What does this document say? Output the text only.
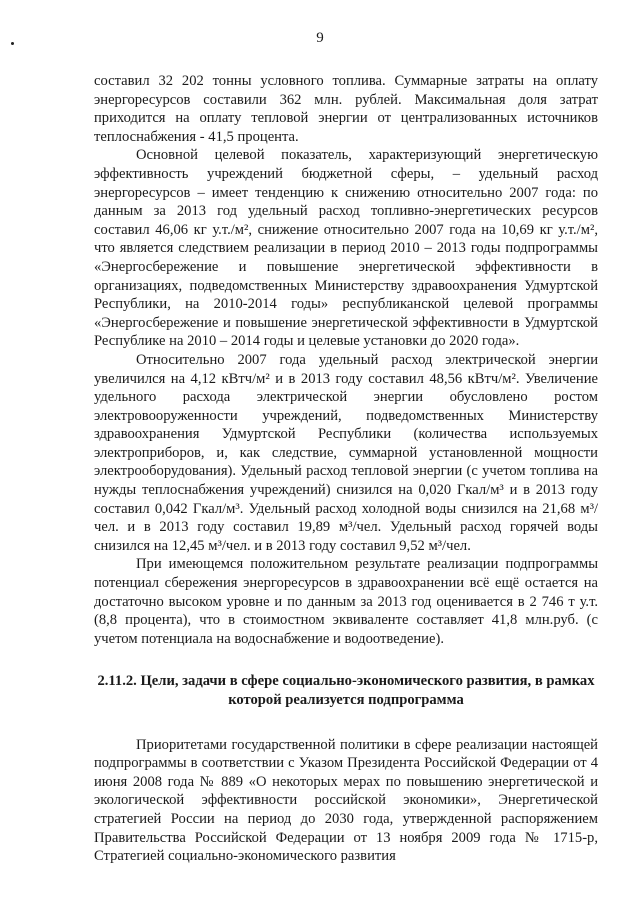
9

составил 32 202 тонны условного топлива. Суммарные затраты на оплату энергоресурсов составили 362 млн. рублей. Максимальная доля затрат приходится на оплату тепловой энергии от централизованных источников теплоснабжения - 41,5 процента.

Основной целевой показатель, характеризующий энергетическую эффективность учреждений бюджетной сферы, – удельный расход энергоресурсов – имеет тенденцию к снижению относительно 2007 года: по данным за 2013 год удельный расход топливно-энергетических ресурсов составил 46,06 кг у.т./м², снижение относительно 2007 года на 10,69 кг у.т./м², что является следствием реализации в период 2010 – 2013 годы подпрограммы «Энергосбережение и повышение энергетической эффективности в организациях, подведомственных Министерству здравоохранения Удмуртской Республики, на 2010-2014 годы» республиканской целевой программы «Энергосбережение и повышение энергетической эффективности в Удмуртской Республике на 2010 – 2014 годы и целевые установки до 2020 года».

Относительно 2007 года удельный расход электрической энергии увеличился на 4,12 кВтч/м² и в 2013 году составил 48,56 кВтч/м². Увеличение удельного расхода электрической энергии обусловлено ростом электровооруженности учреждений, подведомственных Министерству здравоохранения Удмуртской Республики (количества используемых электроприборов, и, как следствие, суммарной установленной мощности электрооборудования). Удельный расход тепловой энергии (с учетом топлива на нужды теплоснабжения учреждений) снизился на 0,020 Гкал/м³ и в 2013 году составил 0,042 Гкал/м³. Удельный расход холодной воды снизился на 21,68 м³/чел. и в 2013 году составил 19,89 м³/чел. Удельный расход горячей воды снизился на 12,45 м³/чел. и в 2013 году составил 9,52 м³/чел.

При имеющемся положительном результате реализации подпрограммы потенциал сбережения энергоресурсов в здравоохранении всё ещё остается на достаточно высоком уровне и по данным за 2013 год оценивается в 2 746 т у.т. (8,8 процента), что в стоимостном эквиваленте составляет 41,8 млн.руб. (с учетом потенциала на водоснабжение и водоотведение).

2.11.2. Цели, задачи в сфере социально-экономического развития, в рамках которой реализуется подпрограмма

Приоритетами государственной политики в сфере реализации настоящей подпрограммы в соответствии с Указом Президента Российской Федерации от 4 июня 2008 года № 889 «О некоторых мерах по повышению энергетической и экологической эффективности российской экономики», Энергетической стратегией России на период до 2030 года, утвержденной распоряжением Правительства Российской Федерации от 13 ноября 2009 года № 1715-р, Стратегией социально-экономического развития
